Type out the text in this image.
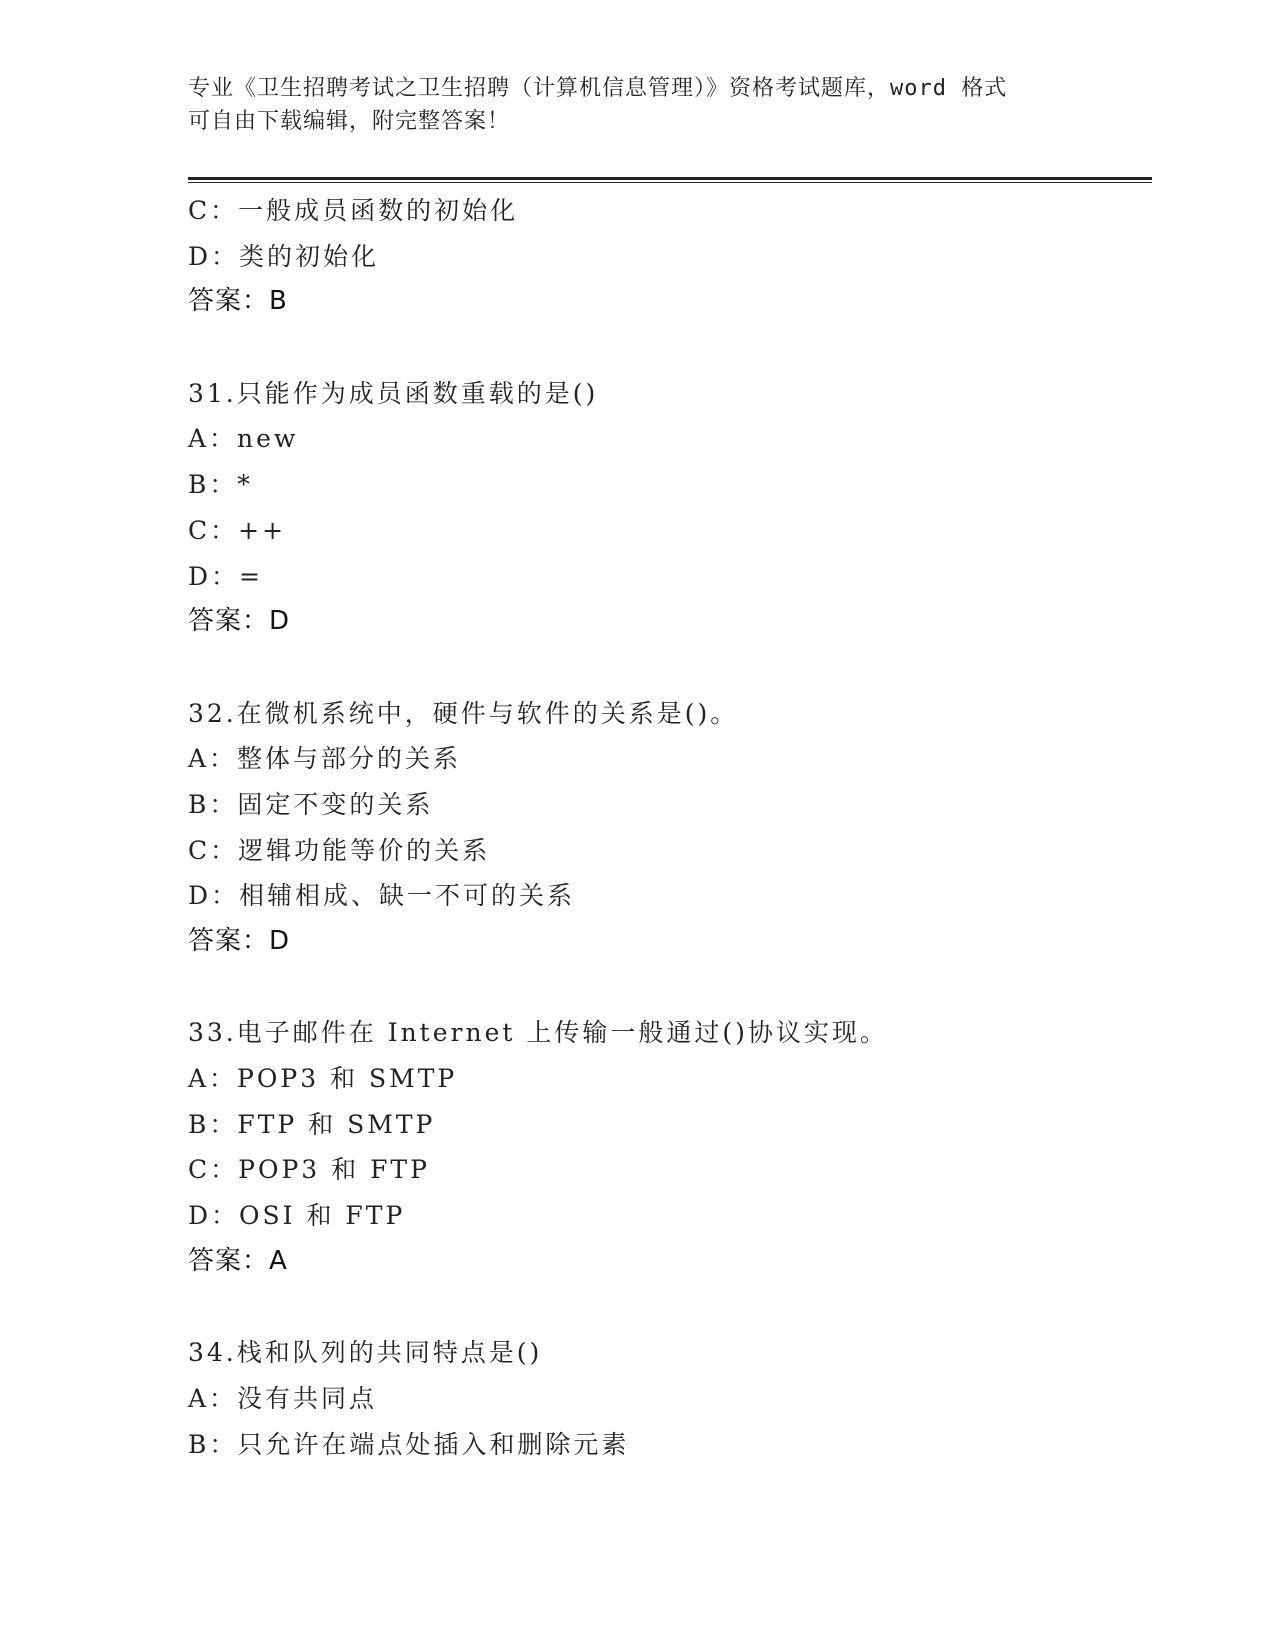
专业《卫生招聘考试之卫生招聘（计算机信息管理）》资格考试题库，word 格式
可自由下载编辑，附完整答案！
C：一般成员函数的初始化
D：类的初始化
答案：B
31.只能作为成员函数重载的是()
A：new
B：*
C：++
D：=
答案：D
32.在微机系统中，硬件与软件的关系是()。
A：整体与部分的关系
B：固定不变的关系
C：逻辑功能等价的关系
D：相辅相成、缺一不可的关系
答案：D
33.电子邮件在 Internet 上传输一般通过()协议实现。
A：POP3 和 SMTP
B：FTP 和 SMTP
C：POP3 和 FTP
D：OSI 和 FTP
答案：A
34.栈和队列的共同特点是()
A：没有共同点
B：只允许在端点处插入和删除元素
